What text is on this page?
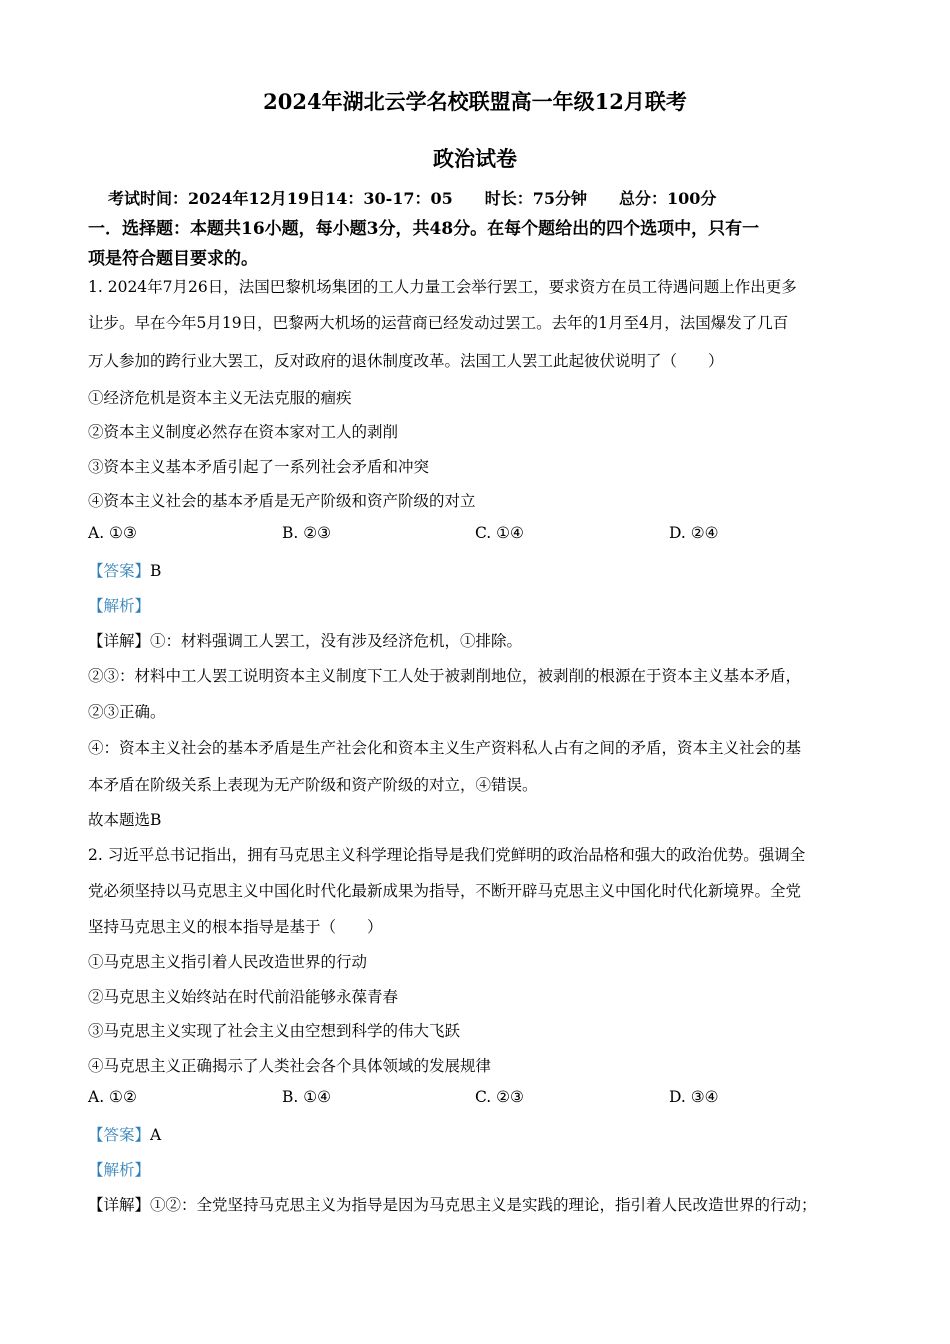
2024年湖北云学名校联盟高一年级12月联考
政治试卷
考试时间：2024年12月19日14：30-17：05　　时长：75分钟　　总分：100分
一．选择题：本题共16小题，每小题3分，共48分。在每个题给出的四个选项中，只有一
项是符合题目要求的。
1. 2024年7月26日，法国巴黎机场集团的工人力量工会举行罢工，要求资方在员工待遇问题上作出更多
让步。早在今年5月19日，巴黎两大机场的运营商已经发动过罢工。去年的1月至4月，法国爆发了几百
万人参加的跨行业大罢工，反对政府的退休制度改革。法国工人罢工此起彼伏说明了（　　）
①经济危机是资本主义无法克服的痼疾
②资本主义制度必然存在资本家对工人的剥削
③资本主义基本矛盾引起了一系列社会矛盾和冲突
④资本主义社会的基本矛盾是无产阶级和资产阶级的对立
A. ①③	B. ②③	C. ①④	D. ②④
【答案】B
【解析】
【详解】①：材料强调工人罢工，没有涉及经济危机，①排除。
②③：材料中工人罢工说明资本主义制度下工人处于被剥削地位，被剥削的根源在于资本主义基本矛盾，
②③正确。
④：资本主义社会的基本矛盾是生产社会化和资本主义生产资料私人占有之间的矛盾，资本主义社会的基
本矛盾在阶级关系上表现为无产阶级和资产阶级的对立，④错误。
故本题选B
2. 习近平总书记指出，拥有马克思主义科学理论指导是我们党鲜明的政治品格和强大的政治优势。强调全
党必须坚持以马克思主义中国化时代化最新成果为指导，不断开辟马克思主义中国化时代化新境界。全党
坚持马克思主义的根本指导是基于（　　）
①马克思主义指引着人民改造世界的行动
②马克思主义始终站在时代前沿能够永葆青春
③马克思主义实现了社会主义由空想到科学的伟大飞跃
④马克思主义正确揭示了人类社会各个具体领域的发展规律
A. ①②	B. ①④	C. ②③	D. ③④
【答案】A
【解析】
【详解】①②：全党坚持马克思主义为指导是因为马克思主义是实践的理论，指引着人民改造世界的行动；
